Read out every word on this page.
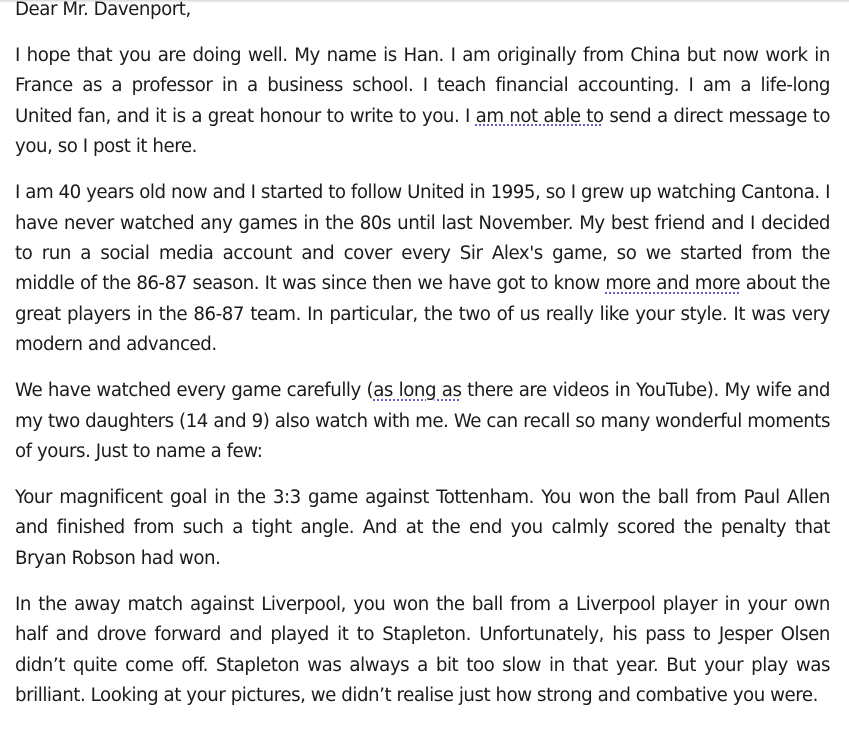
Dear Mr. Davenport,

I hope that you are doing well. My name is Han. I am originally from China but now work in France as a professor in a business school. I teach financial accounting. I am a life-long United fan, and it is a great honour to write to you. I am not able to send a direct message to you, so I post it here.

I am 40 years old now and I started to follow United in 1995, so I grew up watching Cantona. I have never watched any games in the 80s until last November. My best friend and I decided to run a social media account and cover every Sir Alex's game, so we started from the middle of the 86-87 season. It was since then we have got to know more and more about the great players in the 86-87 team. In particular, the two of us really like your style. It was very modern and advanced.

We have watched every game carefully (as long as there are videos in YouTube). My wife and my two daughters (14 and 9) also watch with me. We can recall so many wonderful moments of yours. Just to name a few:

Your magnificent goal in the 3:3 game against Tottenham. You won the ball from Paul Allen and finished from such a tight angle. And at the end you calmly scored the penalty that Bryan Robson had won.

In the away match against Liverpool, you won the ball from a Liverpool player in your own half and drove forward and played it to Stapleton. Unfortunately, his pass to Jesper Olsen didn’t quite come off. Stapleton was always a bit too slow in that year. But your play was brilliant. Looking at your pictures, we didn’t realise just how strong and combative you were.
